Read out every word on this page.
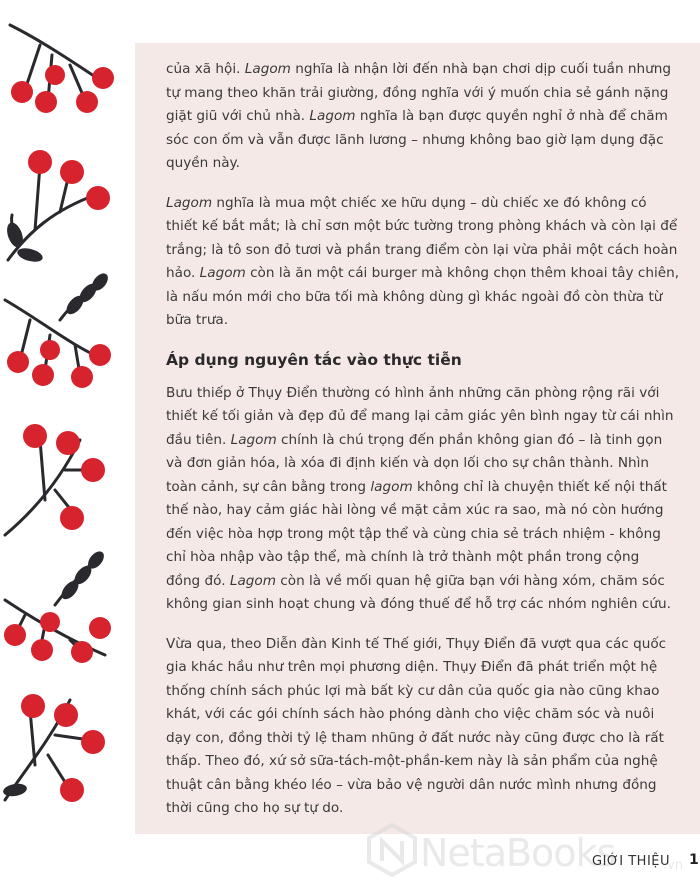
của xã hội. Lagom nghĩa là nhận lời đến nhà bạn chơi dịp cuối tuần nhưng
tự mang theo khăn trải giường, đồng nghĩa với ý muốn chia sẻ gánh nặng
giặt giũ với chủ nhà. Lagom nghĩa là bạn được quyền nghỉ ở nhà để chăm
sóc con ốm và vẫn được lãnh lương – nhưng không bao giờ lạm dụng đặc
quyền này.

Lagom nghĩa là mua một chiếc xe hữu dụng – dù chiếc xe đó không có
thiết kế bắt mắt; là chỉ sơn một bức tường trong phòng khách và còn lại để
trắng; là tô son đỏ tươi và phần trang điểm còn lại vừa phải một cách hoàn
hảo. Lagom còn là ăn một cái burger mà không chọn thêm khoai tây chiên,
là nấu món mới cho bữa tối mà không dùng gì khác ngoài đồ còn thừa từ
bữa trưa.

Áp dụng nguyên tắc vào thực tiễn

Bưu thiếp ở Thụy Điển thường có hình ảnh những căn phòng rộng rãi với
thiết kế tối giản và đẹp đủ để mang lại cảm giác yên bình ngay từ cái nhìn
đầu tiên. Lagom chính là chú trọng đến phần không gian đó – là tinh gọn
và đơn giản hóa, là xóa đi định kiến và dọn lối cho sự chân thành. Nhìn
toàn cảnh, sự cân bằng trong lagom không chỉ là chuyện thiết kế nội thất
thế nào, hay cảm giác hài lòng về mặt cảm xúc ra sao, mà nó còn hướng
đến việc hòa hợp trong một tập thể và cùng chia sẻ trách nhiệm - không
chỉ hòa nhập vào tập thể, mà chính là trở thành một phần trong cộng
đồng đó. Lagom còn là về mối quan hệ giữa bạn với hàng xóm, chăm sóc
không gian sinh hoạt chung và đóng thuế để hỗ trợ các nhóm nghiên cứu.

Vừa qua, theo Diễn đàn Kinh tế Thế giới, Thụy Điển đã vượt qua các quốc
gia khác hầu như trên mọi phương diện. Thụy Điển đã phát triển một hệ
thống chính sách phúc lợi mà bất kỳ cư dân của quốc gia nào cũng khao
khát, với các gói chính sách hào phóng dành cho việc chăm sóc và nuôi
dạy con, đồng thời tỷ lệ tham nhũng ở đất nước này cũng được cho là rất
thấp. Theo đó, xứ sở sữa-tách-một-phần-kem này là sản phẩm của nghệ
thuật cân bằng khéo léo – vừa bảo vệ người dân nước mình nhưng đồng
thời cũng cho họ sự tự do.

NetaBooks	.vn
GIỚI THIỆU 1
